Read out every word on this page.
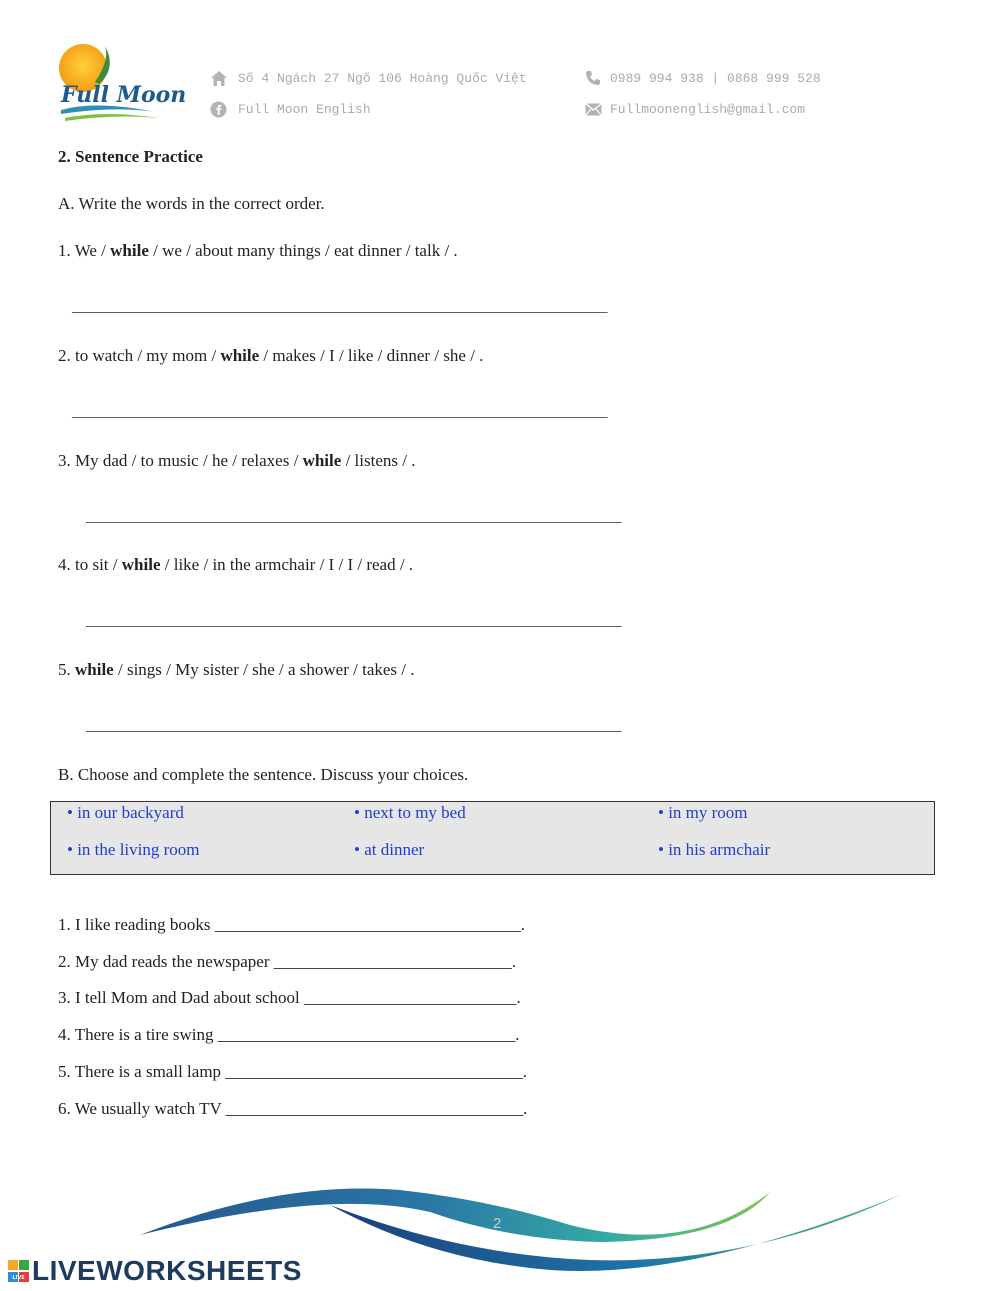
Full Moon
Số 4 Ngách 27 Ngõ 106 Hoàng Quốc Việt
Full Moon English
0989 994 938 | 0868 999 528
Fullmoonenglish@gmail.com
2. Sentence Practice
A. Write the words in the correct order.
1. We / while / we / about many things / eat dinner / talk / .
_______________________________________________________________
2. to watch / my mom / while / makes / I / like / dinner / she / .
_______________________________________________________________
3. My dad / to music / he / relaxes / while / listens / .
_______________________________________________________________
4. to sit / while / like / in the armchair / I / I / read / .
_______________________________________________________________
5. while / sings / My sister / she / a shower / takes / .
_______________________________________________________________
B. Choose and complete the sentence. Discuss your choices.
• in our backyard	• next to my bed	• in my room
• in the living room	• at dinner	• in his armchair
1. I like reading books ____________________________________.
2. My dad reads the newspaper ____________________________.
3. I tell Mom and Dad about school _________________________.
4. There is a tire swing ___________________________________.
5. There is a small lamp ___________________________________.
6. We usually watch TV ___________________________________.
2
LIVE LIVEWORKSHEETS
